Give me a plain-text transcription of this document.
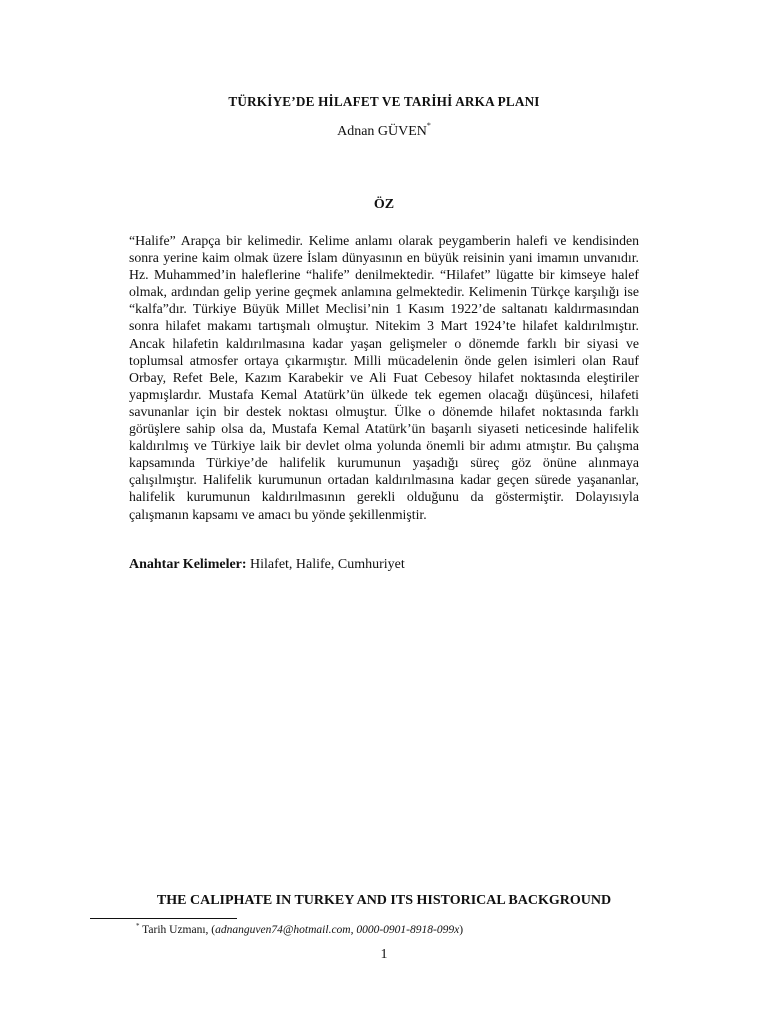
TÜRKİYE’DE HİLAFET VE TARİHİ ARKA PLANI
Adnan GÜVEN*
ÖZ
“Halife” Arapça bir kelimedir. Kelime anlamı olarak peygamberin halefi ve kendisinden sonra yerine kaim olmak üzere İslam dünyasının en büyük reisinin yani imamın unvanıdır. Hz. Muhammed’in haleflerine “halife” denilmektedir. “Hilafet” lügatte bir kimseye halef olmak, ardından gelip yerine geçmek anlamına gelmektedir. Kelimenin Türkçe karşılığı ise “kalfa”dır. Türkiye Büyük Millet Meclisi’nin 1 Kasım 1922’de saltanatı kaldırmasından sonra hilafet makamı tartışmalı olmuştur. Nitekim 3 Mart 1924’te hilafet kaldırılmıştır. Ancak hilafetin kaldırılmasına kadar yaşan gelişmeler o dönemde farklı bir siyasi ve toplumsal atmosfer ortaya çıkarmıştır. Milli mücadelenin önde gelen isimleri olan Rauf Orbay, Refet Bele, Kazım Karabekir ve Ali Fuat Cebesoy hilafet noktasında eleştiriler yapmışlardır. Mustafa Kemal Atatürk’ün ülkede tek egemen olacağı düşüncesi, hilafeti savunanlar için bir destek noktası olmuştur. Ülke o dönemde hilafet noktasında farklı görüşlere sahip olsa da, Mustafa Kemal Atatürk’ün başarılı siyaseti neticesinde halifelik kaldırılmış ve Türkiye laik bir devlet olma yolunda önemli bir adımı atmıştır. Bu çalışma kapsamında Türkiye’de halifelik kurumunun yaşadığı süreç göz önüne alınmaya çalışılmıştır. Halifelik kurumunun ortadan kaldırılmasına kadar geçen sürede yaşananlar, halifelik kurumunun kaldırılmasının gerekli olduğunu da göstermiştir. Dolayısıyla çalışmanın kapsamı ve amacı bu yönde şekillenmiştir.
Anahtar Kelimeler: Hilafet, Halife, Cumhuriyet
THE CALIPHATE IN TURKEY AND ITS HISTORICAL BACKGROUND
* Tarih Uzmanı, (adnanguven74@hotmail.com, 0000-0901-8918-099x)
1
